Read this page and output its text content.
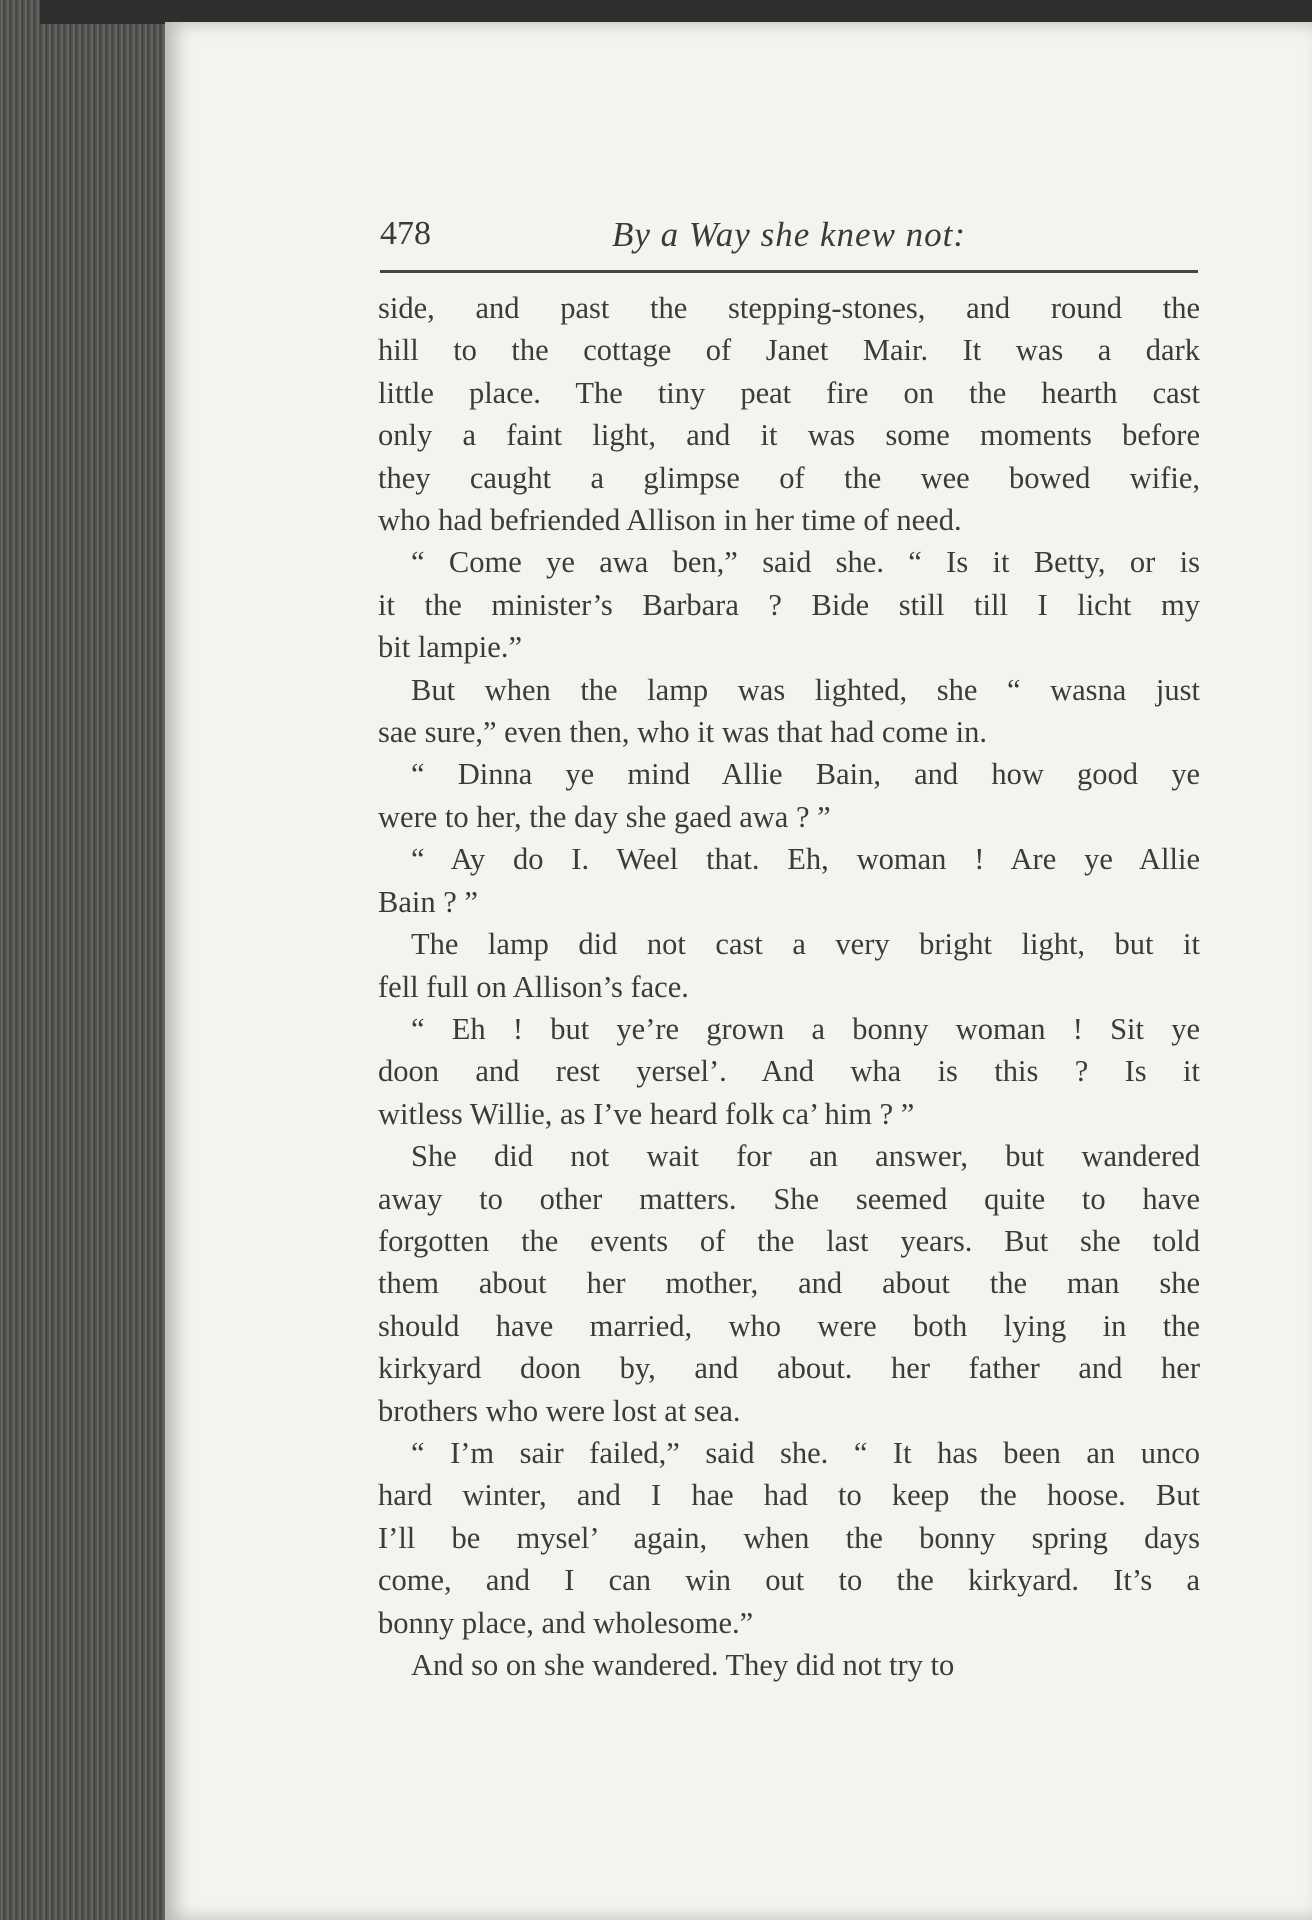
478	By a Way she knew not:
side, and past the stepping-stones, and round the
hill to the cottage of Janet Mair. It was a dark
little place. The tiny peat fire on the hearth cast
only a faint light, and it was some moments before
they caught a glimpse of the wee bowed wifie,
who had befriended Allison in her time of need.
“ Come ye awa ben,” said she. “ Is it Betty, or is
it the minister’s Barbara ? Bide still till I licht my
bit lampie.”
But when the lamp was lighted, she “ wasna just
sae sure,” even then, who it was that had come in.
“ Dinna ye mind Allie Bain, and how good ye
were to her, the day she gaed awa ? ”
“ Ay do I. Weel that. Eh, woman ! Are ye Allie
Bain ? ”
The lamp did not cast a very bright light, but it
fell full on Allison’s face.
“ Eh ! but ye’re grown a bonny woman ! Sit ye
doon and rest yersel’. And wha is this ? Is it
witless Willie, as I’ve heard folk ca’ him ? ”
She did not wait for an answer, but wandered
away to other matters. She seemed quite to have
forgotten the events of the last years. But she told
them about her mother, and about the man she
should have married, who were both lying in the
kirkyard doon by, and about. her father and her
brothers who were lost at sea.
“ I’m sair failed,” said she. “ It has been an unco
hard winter, and I hae had to keep the hoose. But
I’ll be mysel’ again, when the bonny spring days
come, and I can win out to the kirkyard. It’s a
bonny place, and wholesome.”
And so on she wandered. They did not try to
